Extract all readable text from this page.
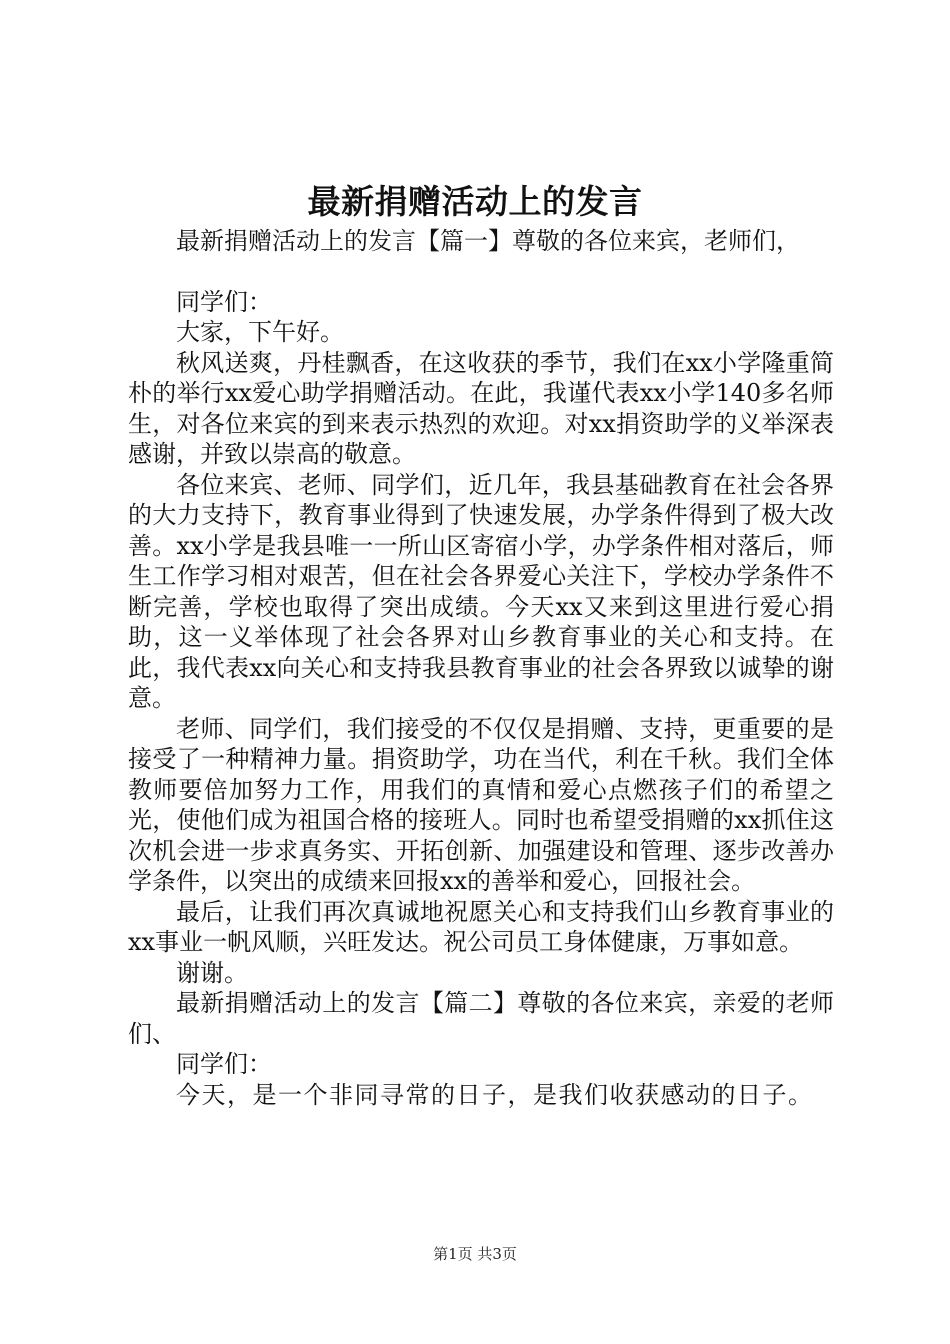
最新捐赠活动上的发言

最新捐赠活动上的发言【篇一】尊敬的各位来宾，老师们，

同学们：

大家，下午好。

秋风送爽，丹桂飘香，在这收获的季节，我们在xx小学隆重简朴的举行xx爱心助学捐赠活动。在此，我谨代表xx小学140多名师生，对各位来宾的到来表示热烈的欢迎。对xx捐资助学的义举深表感谢，并致以崇高的敬意。

各位来宾、老师、同学们，近几年，我县基础教育在社会各界的大力支持下，教育事业得到了快速发展，办学条件得到了极大改善。xx小学是我县唯一一所山区寄宿小学，办学条件相对落后，师生工作学习相对艰苦，但在社会各界爱心关注下，学校办学条件不断完善，学校也取得了突出成绩。今天xx又来到这里进行爱心捐助，这一义举体现了社会各界对山乡教育事业的关心和支持。在此，我代表xx向关心和支持我县教育事业的社会各界致以诚挚的谢意。

老师、同学们，我们接受的不仅仅是捐赠、支持，更重要的是接受了一种精神力量。捐资助学，功在当代，利在千秋。我们全体教师要倍加努力工作，用我们的真情和爱心点燃孩子们的希望之光，使他们成为祖国合格的接班人。同时也希望受捐赠的xx抓住这次机会进一步求真务实、开拓创新、加强建设和管理、逐步改善办学条件，以突出的成绩来回报xx的善举和爱心，回报社会。

最后，让我们再次真诚地祝愿关心和支持我们山乡教育事业的xx事业一帆风顺，兴旺发达。祝公司员工身体健康，万事如意。

谢谢。

最新捐赠活动上的发言【篇二】尊敬的各位来宾，亲爱的老师们、

同学们：

今天，是一个非同寻常的日子，是我们收获感动的日子。

第1页 共3页
